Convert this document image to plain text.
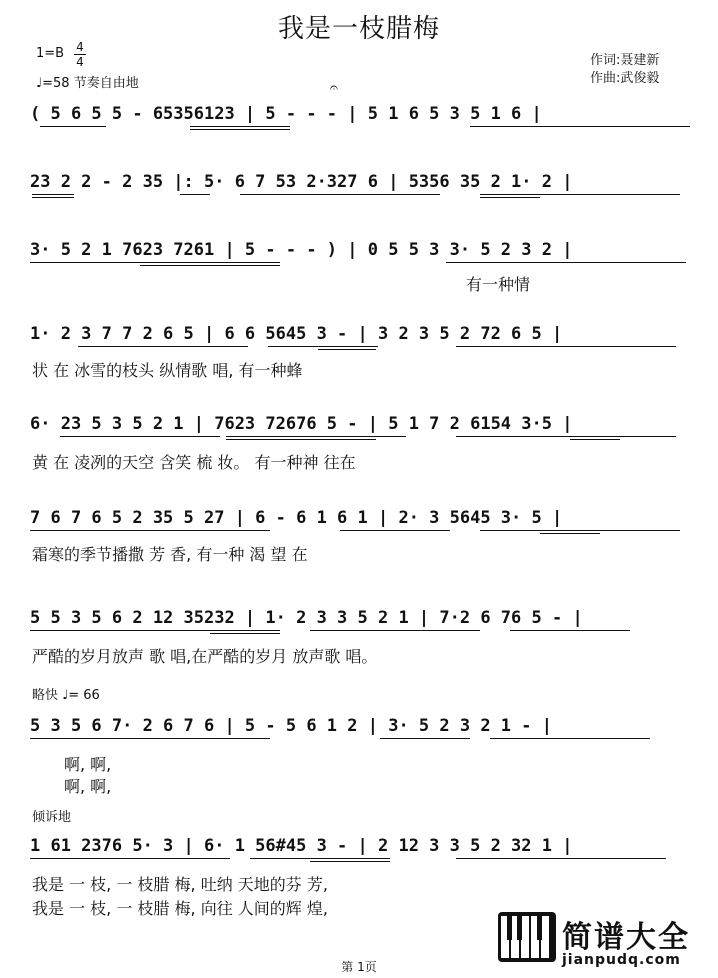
我是一枝腊梅
1=B 4
4
♩=58 节奏自由地
作词:聂建新
作曲:武俊毅
( 5 6 5 5 - 65356123 | 5 - - - | 5 1 6 5 3 5 1 6 |
𝄐
23 2 2 - 2 35 |: 5· 6 7 53 2·327 6 | 5356 35 2 1· 2 |
3· 5 2 1 7623 7261 | 5 - - - ) | 0 5 5 3 3· 5 2 3 2 |
有一种情
1· 2 3 7 7 2 6 5 | 6 6 5645 3 - | 3 2 3 5 2 72 6 5 |
状 在 冰雪的枝头 纵情歌 唱, 有一种蜂
6· 23 5 3 5 2 1 | 7623 72676 5 - | 5 1 7 2 6154 3·5 |
黄 在 凌冽的天空 含笑 梳 妆。 有一种神 往在
7 6 7 6 5 2 35 5 27 | 6 - 6 1 6 1 | 2· 3 5645 3· 5 |
霜寒的季节播撒 芳 香, 有一种 渴 望 在
5 5 3 5 6 2 12 35232 | 1· 2 3 3 5 2 1 | 7·2 6 76 5 - |
严酷的岁月放声 歌 唱,在严酷的岁月 放声歌 唱。
略快 ♩= 66
5 3 5 6 7· 2 6 7 6 | 5 - 5 6 1 2 | 3· 5 2 3 2 1 - |
啊, 啊,
啊, 啊,
倾诉地
1 61 2376 5· 3 | 6· 1 56#45 3 - | 2 12 3 3 5 2 32 1 |
我是 一 枝, 一 枝腊 梅, 吐纳 天地的芬 芳,
我是 一 枝, 一 枝腊 梅, 向往 人间的辉 煌,
第 1页
简谱大全
jianpudq.com
